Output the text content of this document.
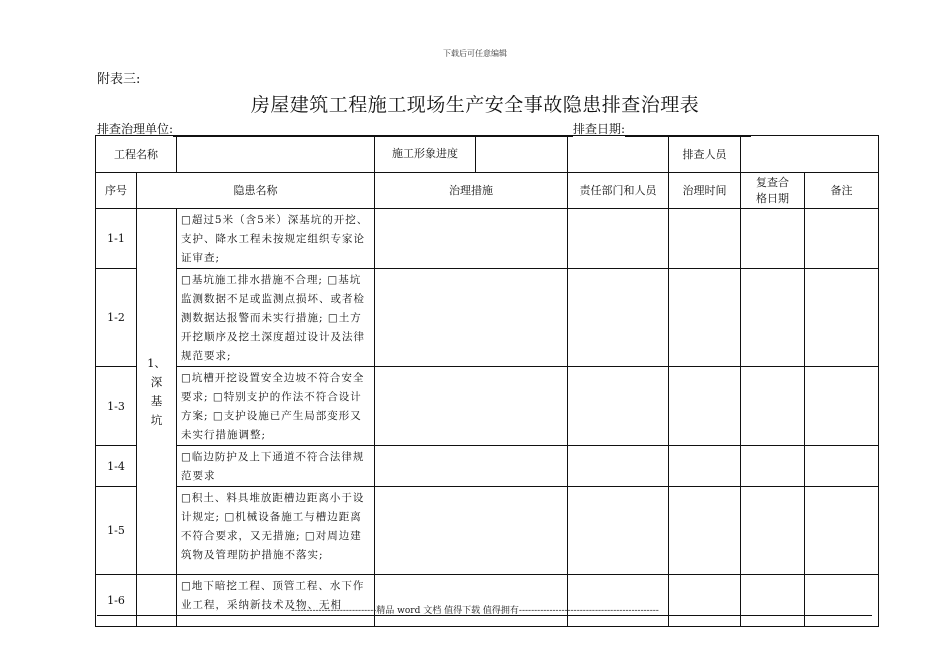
下载后可任意编辑
附表三:
房屋建筑工程施工现场生产安全事故隐患排查治理表
排查治理单位:	排查日期:
工程名称			施工形象进度		排查人员		
序号	隐患名称		治理措施	责任部门和人员	治理时间	复查合格日期	备注
1-1	1、深基坑	□超过5米（含5米）深基坑的开挖、支护、降水工程未按规定组织专家论证审查;					
1-2		□基坑施工排水措施不合理; □基坑监测数据不足或监测点损坏、或者检测数据达报警而未实行措施; □土方开挖顺序及挖土深度超过设计及法律规范要求;					
1-3		□坑槽开挖设置安全边坡不符合安全要求; □特别支护的作法不符合设计方案; □支护设施已产生局部变形又未实行措施调整;					
1-4		□临边防护及上下通道不符合法律规范要求					
1-5		□积土、料具堆放距槽边距离小于设计规定; □机械设备施工与槽边距离不符合要求，又无措施; □对周边建筑物及管理防护措施不落实;					
1-6		□地下暗挖工程、顶管工程、水下作业工程，采纳新技术及物、无相					
----------------------------精品 word 文档 值得下载 值得拥有----------------------------------------------
